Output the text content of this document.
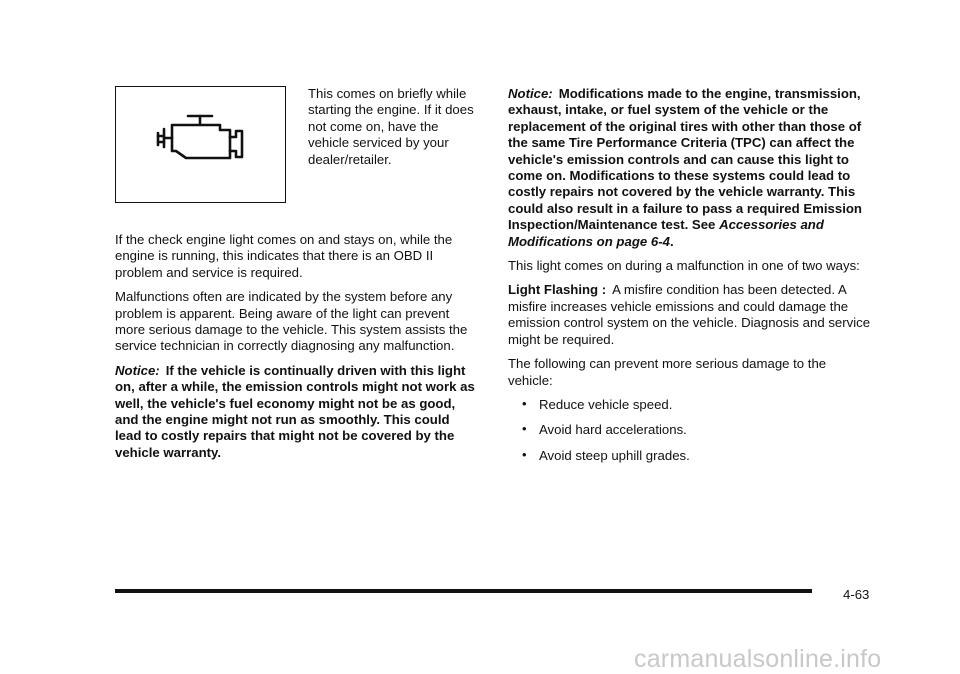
This comes on briefly while starting the engine. If it does not come on, have the vehicle serviced by your dealer/retailer.

If the check engine light comes on and stays on, while the engine is running, this indicates that there is an OBD II problem and service is required.

Malfunctions often are indicated by the system before any problem is apparent. Being aware of the light can prevent more serious damage to the vehicle. This system assists the service technician in correctly diagnosing any malfunction.

Notice: If the vehicle is continually driven with this light on, after a while, the emission controls might not work as well, the vehicle's fuel economy might not be as good, and the engine might not run as smoothly. This could lead to costly repairs that might not be covered by the vehicle warranty.

Notice: Modifications made to the engine, transmission, exhaust, intake, or fuel system of the vehicle or the replacement of the original tires with other than those of the same Tire Performance Criteria (TPC) can affect the vehicle's emission controls and can cause this light to come on. Modifications to these systems could lead to costly repairs not covered by the vehicle warranty. This could also result in a failure to pass a required Emission Inspection/Maintenance test. See Accessories and Modifications on page 6-4.

This light comes on during a malfunction in one of two ways:

Light Flashing : A misfire condition has been detected. A misfire increases vehicle emissions and could damage the emission control system on the vehicle. Diagnosis and service might be required.

The following can prevent more serious damage to the vehicle:

• Reduce vehicle speed.
• Avoid hard accelerations.
• Avoid steep uphill grades.
4-63
carmanualsonline.info
